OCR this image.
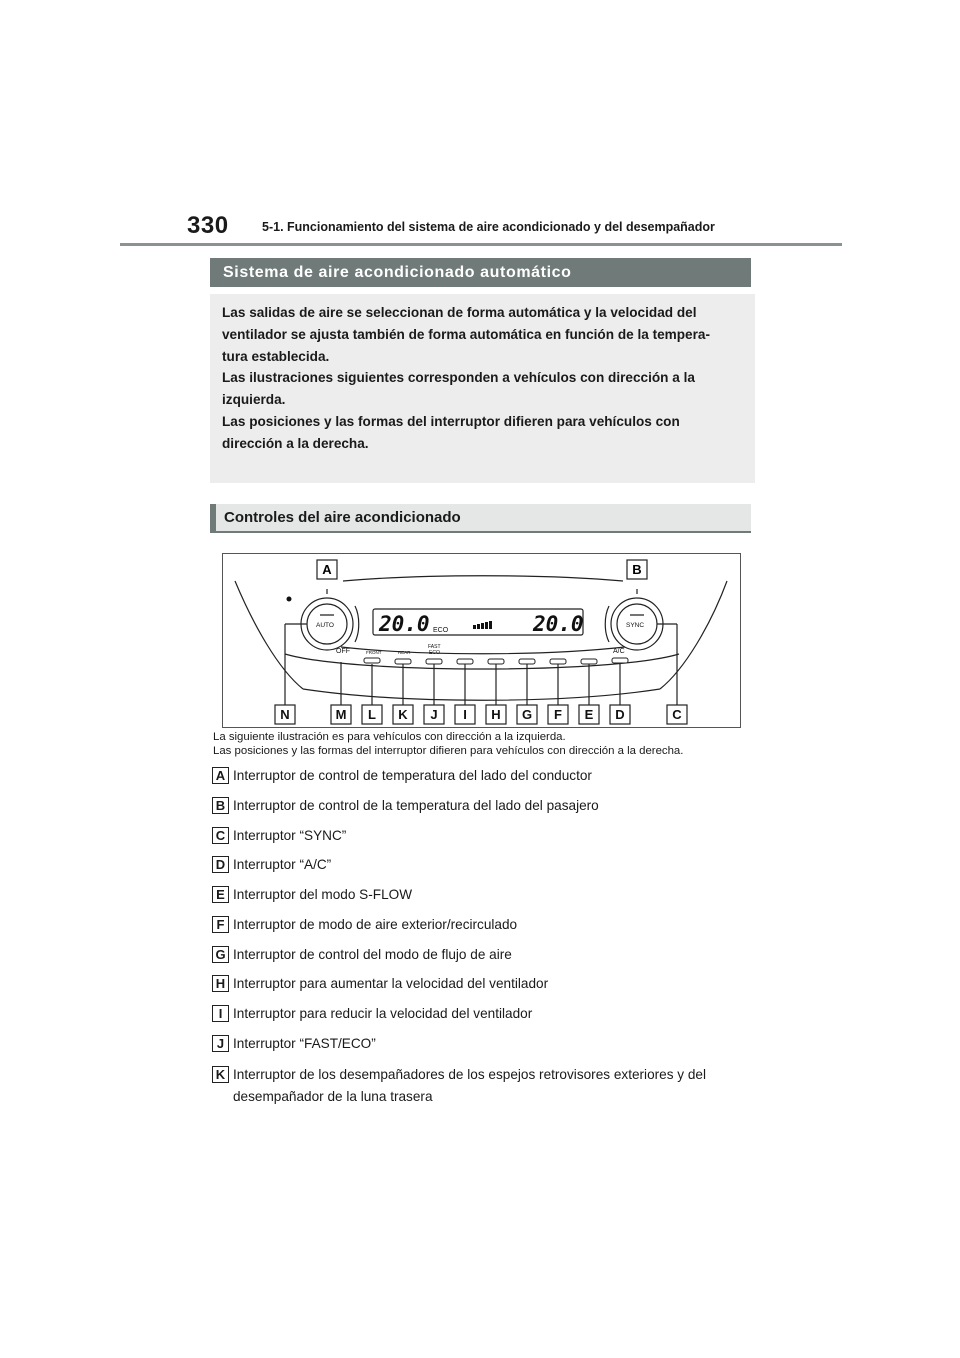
330	5-1. Funcionamiento del sistema de aire acondicionado y del desempañador
Sistema de aire acondicionado automático

Las salidas de aire se seleccionan de forma automática y la velocidad del

ventilador se ajusta también de forma automática en función de la tempera-

tura establecida.

Las ilustraciones siguientes corresponden a vehículos con dirección a la

izquierda.

Las posiciones y las formas del interruptor difieren para vehículos con

dirección a la derecha.

Controles del aire acondicionado
20.0	20.0
ECO
AUTO	SYNC
OFF	FRONT	REAR
FAST
ECO	A/C
A	B
N	M L K J I H G F E D	C
La siguiente ilustración es para vehículos con dirección a la izquierda.
Las posiciones y las formas del interruptor difieren para vehículos con dirección a la derecha.
A Interruptor de control de temperatura del lado del conductor
B Interruptor de control de la temperatura del lado del pasajero
C Interruptor “SYNC”
D Interruptor “A/C”
E Interruptor del modo S-FLOW
F Interruptor de modo de aire exterior/recirculado
G Interruptor de control del modo de flujo de aire
H Interruptor para aumentar la velocidad del ventilador
I Interruptor para reducir la velocidad del ventilador
J Interruptor “FAST/ECO”
K Interruptor de los desempañadores de los espejos retrovisores exteriores y del desempañador de la luna trasera
